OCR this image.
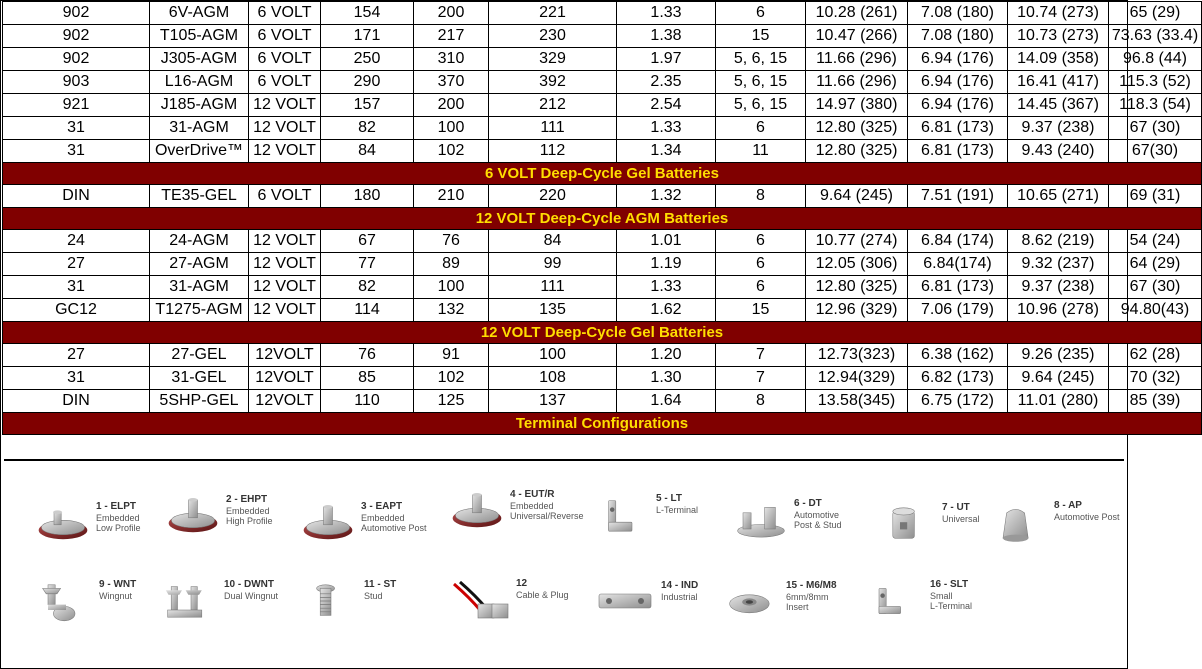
902	6V-AGM	6 VOLT	154	200	221	1.33	6	10.28 (261)	7.08 (180)	10.74 (273)	65 (29)
902	T105-AGM	6 VOLT	171	217	230	1.38	15	10.47 (266)	7.08 (180)	10.73 (273)	73.63 (33.4)
902	J305-AGM	6 VOLT	250	310	329	1.97	5, 6, 15	11.66 (296)	6.94 (176)	14.09 (358)	96.8 (44)
903	L16-AGM	6 VOLT	290	370	392	2.35	5, 6, 15	11.66 (296)	6.94 (176)	16.41 (417)	115.3 (52)
921	J185-AGM	12 VOLT	157	200	212	2.54	5, 6, 15	14.97 (380)	6.94 (176)	14.45 (367)	118.3 (54)
31	31-AGM	12 VOLT	82	100	111	1.33	6	12.80 (325)	6.81 (173)	9.37 (238)	67 (30)
31	OverDrive™	12 VOLT	84	102	112	1.34	11	12.80 (325)	6.81 (173)	9.43 (240)	67(30)
6 VOLT Deep-Cycle Gel Batteries											
DIN	TE35-GEL	6 VOLT	180	210	220	1.32	8	9.64 (245)	7.51 (191)	10.65 (271)	69 (31)
12 VOLT Deep-Cycle AGM Batteries											
24	24-AGM	12 VOLT	67	76	84	1.01	6	10.77 (274)	6.84 (174)	8.62 (219)	54 (24)
27	27-AGM	12 VOLT	77	89	99	1.19	6	12.05 (306)	6.84(174)	9.32 (237)	64 (29)
31	31-AGM	12 VOLT	82	100	111	1.33	6	12.80 (325)	6.81 (173)	9.37 (238)	67 (30)
GC12	T1275-AGM	12 VOLT	114	132	135	1.62	15	12.96 (329)	7.06 (179)	10.96 (278)	94.80(43)
12 VOLT Deep-Cycle Gel Batteries											
27	27-GEL	12VOLT	76	91	100	1.20	7	12.73(323)	6.38 (162)	9.26 (235)	62 (28)
31	31-GEL	12VOLT	85	102	108	1.30	7	12.94(329)	6.82 (173)	9.64 (245)	70 (32)
DIN	5SHP-GEL	12VOLT	110	125	137	1.64	8	13.58(345)	6.75 (172)	11.01 (280)	85 (39)
Terminal Configurations											
1 - ELPT
Embedded
Low Profile
2 - EHPT
Embedded
High Profile
3 - EAPT
Embedded
Automotive Post
4 - EUT/R
Embedded
Universal/Reverse
5 - LT
L-Terminal
6 - DT
Automotive
Post & Stud
7 - UT
Universal
8 - AP
Automotive Post
9 - WNT
Wingnut
10 - DWNT
Dual Wingnut
11 - ST
Stud
12
Cable & Plug
14 - IND
Industrial
15 - M6/M8
6mm/8mm
Insert
16 - SLT
Small
L-Terminal
